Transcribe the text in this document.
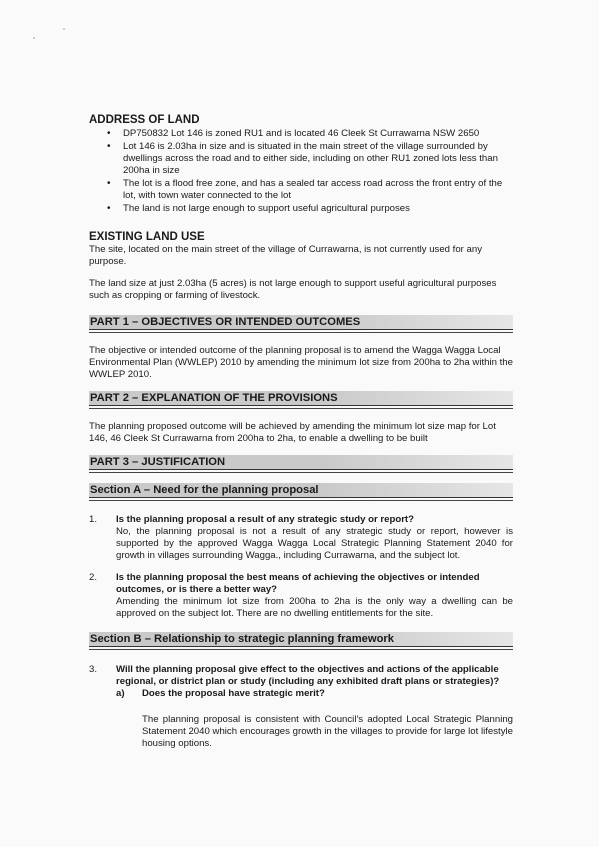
ADDRESS OF LAND
• DP750832 Lot 146 is zoned RU1 and is located 46 Cleek St Currawarna NSW 2650
• Lot 146 is 2.03ha in size and is situated in the main street of the village surrounded by dwellings across the road and to either side, including on other RU1 zoned lots less than 200ha in size
• The lot is a flood free zone, and has a sealed tar access road across the front entry of the lot, with town water connected to the lot
• The land is not large enough to support useful agricultural purposes
EXISTING LAND USE

The site, located on the main street of the village of Currawarna, is not currently used for any purpose.

The land size at just 2.03ha (5 acres) is not large enough to support useful agricultural purposes such as cropping or farming of livestock.

PART 1 – OBJECTIVES OR INTENDED OUTCOMES

The objective or intended outcome of the planning proposal is to amend the Wagga Wagga Local Environmental Plan (WWLEP) 2010 by amending the minimum lot size from 200ha to 2ha within the WWLEP 2010.

PART 2 – EXPLANATION OF THE PROVISIONS

The planning proposed outcome will be achieved by amending the minimum lot size map for Lot 146, 46 Cleek St Currawarna from 200ha to 2ha, to enable a dwelling to be built

PART 3 – JUSTIFICATION
Section A – Need for the planning proposal
1. Is the planning proposal a result of any strategic study or report?
No, the planning proposal is not a result of any strategic study or report, however is supported by the approved Wagga Wagga Local Strategic Planning Statement 2040 for growth in villages surrounding Wagga., including Currawarna, and the subject lot.
2. Is the planning proposal the best means of achieving the objectives or intended outcomes, or is there a better way?
Amending the minimum lot size from 200ha to 2ha is the only way a dwelling can be approved on the subject lot. There are no dwelling entitlements for the site.
Section B – Relationship to strategic planning framework
3. Will the planning proposal give effect to the objectives and actions of the applicable regional, or district plan or study (including any exhibited draft plans or strategies)?
a) Does the proposal have strategic merit?
The planning proposal is consistent with Council's adopted Local Strategic Planning Statement 2040 which encourages growth in the villages to provide for large lot lifestyle housing options.
